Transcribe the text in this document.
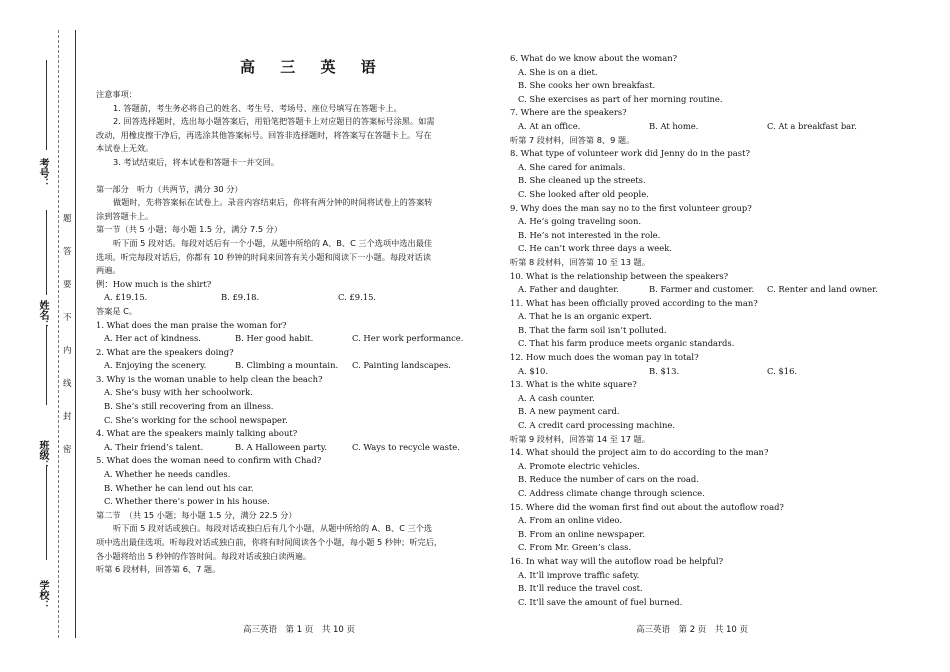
考号：
姓名：
班级：
学校：
题
答
要
不
内
线
封
密
高 三 英 语
注意事项：
1. 答题前，考生务必将自己的姓名、考生号、考场号、座位号填写在答题卡上。
2. 回答选择题时，选出每小题答案后，用铅笔把答题卡上对应题目的答案标号涂黑。如需
改动，用橡皮擦干净后，再选涂其他答案标号。回答非选择题时，将答案写在答题卡上。写在
本试卷上无效。
3. 考试结束后，将本试卷和答题卡一并交回。
第一部分　听力（共两节，满分 30 分）
做题时，先将答案标在试卷上。录音内容结束后，你将有两分钟的时间将试卷上的答案转
涂到答题卡上。
第一节（共 5 小题；每小题 1.5 分，满分 7.5 分）
听下面 5 段对话。每段对话后有一个小题，从题中所给的 A、B、C 三个选项中选出最佳
选项。听完每段对话后，你都有 10 秒钟的时间来回答有关小题和阅读下一小题。每段对话读
两遍。
例：How much is the shirt?
A. £19.15.	B. £9.18.	C. £9.15.
答案是 C。
1. What does the man praise the woman for?
A. Her act of kindness.	B. Her good habit.	C. Her work performance.
2. What are the speakers doing?
A. Enjoying the scenery.	B. Climbing a mountain.	C. Painting landscapes.
3. Why is the woman unable to help clean the beach?
A. She’s busy with her schoolwork.
B. She’s still recovering from an illness.
C. She’s working for the school newspaper.
4. What are the speakers mainly talking about?
A. Their friend’s talent.	B. A Halloween party.	C. Ways to recycle waste.
5. What does the woman need to confirm with Chad?
A. Whether he needs candles.
B. Whether he can lend out his car.
C. Whether there’s power in his house.
第二节　（共 15 小题；每小题 1.5 分，满分 22.5 分）
听下面 5 段对话或独白。每段对话或独白后有几个小题，从题中所给的 A、B、C 三个选
项中选出最佳选项。听每段对话或独白前，你将有时间阅读各个小题，每小题 5 秒钟；听完后，
各小题将给出 5 秒钟的作答时间。每段对话或独白读两遍。
听第 6 段材料，回答第 6、7 题。
6. What do we know about the woman?
A. She is on a diet.
B. She cooks her own breakfast.
C. She exercises as part of her morning routine.
7. Where are the speakers?
A. At an office.	B. At home.	C. At a breakfast bar.
听第 7 段材料，回答第 8、9 题。
8. What type of volunteer work did Jenny do in the past?
A. She cared for animals.
B. She cleaned up the streets.
C. She looked after old people.
9. Why does the man say no to the first volunteer group?
A. He’s going traveling soon.
B. He’s not interested in the role.
C. He can’t work three days a week.
听第 8 段材料，回答第 10 至 13 题。
10. What is the relationship between the speakers?
A. Father and daughter.	B. Farmer and customer.	C. Renter and land owner.
11. What has been officially proved according to the man?
A. That he is an organic expert.
B. That the farm soil isn’t polluted.
C. That his farm produce meets organic standards.
12. How much does the woman pay in total?
A. $10.	B. $13.	C. $16.
13. What is the white square?
A. A cash counter.
B. A new payment card.
C. A credit card processing machine.
听第 9 段材料，回答第 14 至 17 题。
14. What should the project aim to do according to the man?
A. Promote electric vehicles.
B. Reduce the number of cars on the road.
C. Address climate change through science.
15. Where did the woman first find out about the autoflow road?
A. From an online video.
B. From an online newspaper.
C. From Mr. Green’s class.
16. In what way will the autoflow road be helpful?
A. It’ll improve traffic safety.
B. It’ll reduce the travel cost.
C. It’ll save the amount of fuel burned.
高三英语　第 1 页　共 10 页	高三英语　第 2 页　共 10 页
